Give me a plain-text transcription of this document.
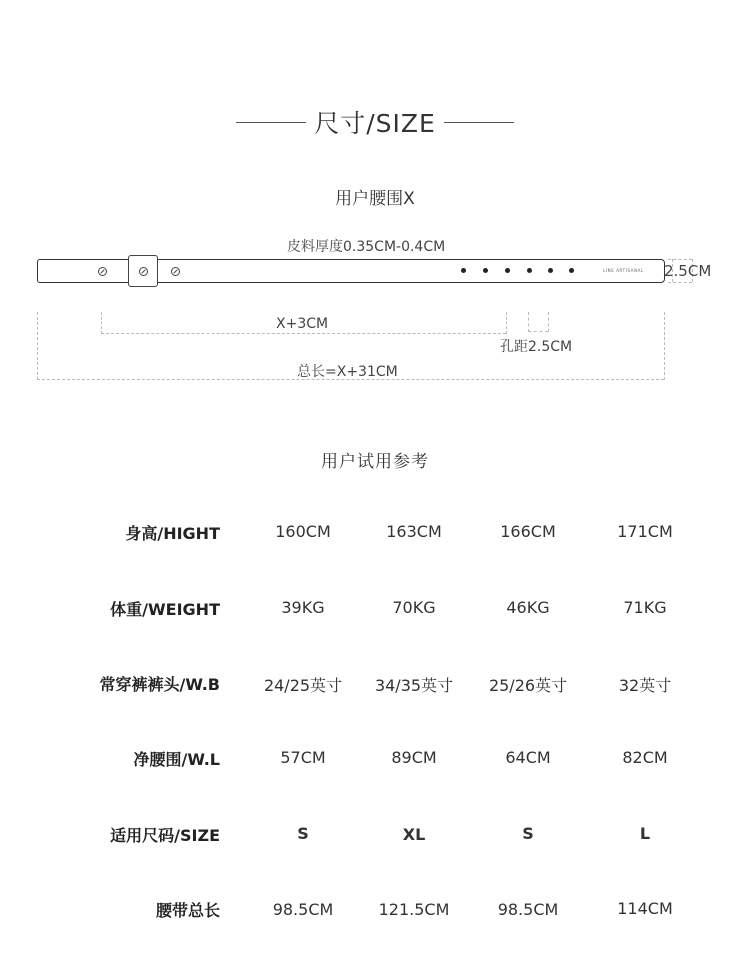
尺寸/SIZE
用户腰围X
皮料厚度0.35CM-0.4CM
LINE ARTISANAL 2.5CM
X+3CM
孔距2.5CM
总长=X+31CM
用户试用参考
身高/HIGHT	160CM	163CM	166CM	171CM
体重/WEIGHT	39KG	70KG	46KG	71KG
常穿裤裤头/W.B	24/25英寸	34/35英寸	25/26英寸	32英寸
净腰围/W.L	57CM	89CM	64CM	82CM
适用尺码/SIZE	S	XL	S	L
腰带总长	98.5CM	121.5CM	98.5CM	114CM
